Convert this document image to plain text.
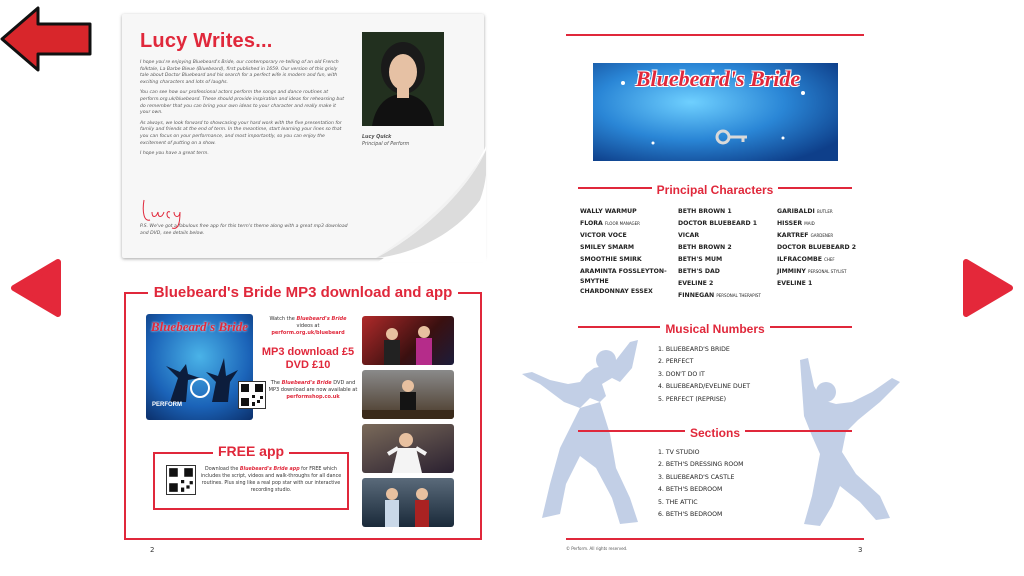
Lucy Writes...

I hope you're enjoying Bluebeard's Bride, our contemporary re-telling of an old French folktale, La Barbe Bleue (Bluebeard), first published in 1659. Our version of this grisly tale about Doctor Bluebeard and his search for a perfect wife is modern and fun, with exciting characters and lots of laughs.

You can see how our professional actors perform the songs and dance routines at perform.org.uk/bluebeard. These should provide inspiration and ideas for rehearsing but do remember that you can bring your own ideas to your character and really make it your own.

As always, we look forward to showcasing your hard work with the five presentation for family and friends at the end of term. In the meantime, start learning your lines so that you can focus on your performance, and most importantly, so you can enjoy the excitement of putting on a show.

I hope you have a great term.

P.S. We've got a fabulous free app for this term's theme along with a great mp3 download and DVD, see details below.
Lucy Quick
Principal of Perform
Bluebeard's Bride MP3 download and app
Bluebeard's Bride
PERFORM
Watch the Bluebeard's Bride
videos at
perform.org.uk/bluebeard
MP3 download £5
DVD £10
The Bluebeard's Bride DVD and MP3 download are now available at
performshop.co.uk
FREE app
Download the Bluebeard's Bride app for FREE which includes the script, videos and walk-throughs for all dance routines. Plus sing like a real pop star with our interactive recording studio.
2
Bluebeard's Bride
Principal Characters
WALLY WARMUP
FLORA FLOOR MANAGER
VICTOR VOCE
SMILEY SMARM
SMOOTHIE SMIRK
ARAMINTA FOSSLEYTON-SMYTHE
CHARDONNAY ESSEX
BETH BROWN 1
DOCTOR BLUEBEARD 1
VICAR
BETH BROWN 2
BETH'S MUM
BETH'S DAD
EVELINE 2
FINNEGAN PERSONAL THERAPIST
GARIBALDI BUTLER
HISSER MAID
KARTREF GARDENER
DOCTOR BLUEBEARD 2
ILFRACOMBE CHEF
JIMMINY PERSONAL STYLIST
EVELINE 1
Musical Numbers
1. BLUEBEARD'S BRIDE
2. PERFECT
3. DON'T DO IT
4. BLUEBEARD/EVELINE DUET
5. PERFECT (REPRISE)
Sections
1. TV STUDIO
2. BETH'S DRESSING ROOM
3. BLUEBEARD'S CASTLE
4. BETH'S BEDROOM
5. THE ATTIC
6. BETH'S BEDROOM
© Perform. All rights reserved.	3
